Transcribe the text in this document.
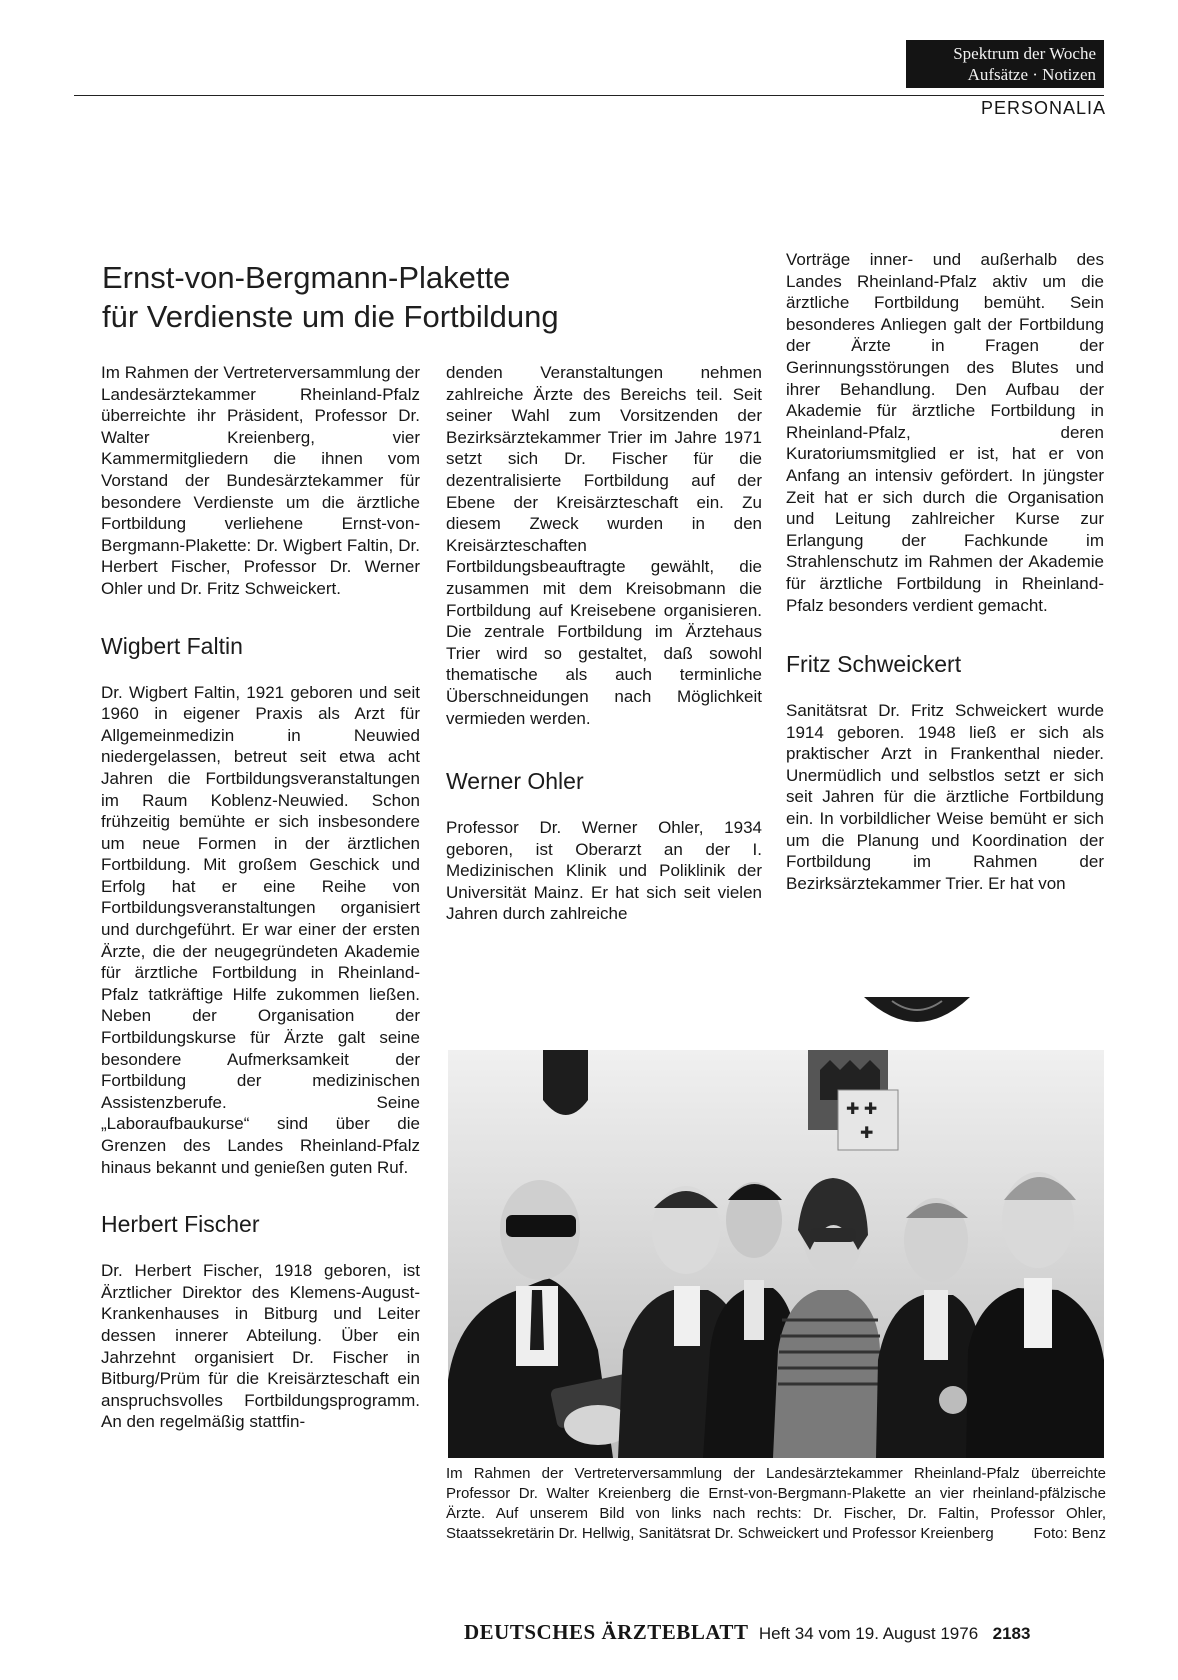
Spektrum der Woche
Aufsätze · Notizen
PERSONALIA
Ernst-von-Bergmann-Plakette
für Verdienste um die Fortbildung

Im Rahmen der Vertreterversammlung der Landesärztekammer Rheinland-Pfalz überreichte ihr Präsident, Professor Dr. Walter Kreienberg, vier Kammermitgliedern die ihnen vom Vorstand der Bundesärztekammer für besondere Verdienste um die ärztliche Fortbildung verliehene Ernst-von-Bergmann-Plakette: Dr. Wigbert Faltin, Dr. Herbert Fischer, Professor Dr. Werner Ohler und Dr. Fritz Schweickert.

Wigbert Faltin

Dr. Wigbert Faltin, 1921 geboren und seit 1960 in eigener Praxis als Arzt für Allgemeinmedizin in Neuwied niedergelassen, betreut seit etwa acht Jahren die Fortbildungsveranstaltungen im Raum Koblenz-Neuwied. Schon frühzeitig bemühte er sich insbesondere um neue Formen in der ärztlichen Fortbildung. Mit großem Geschick und Erfolg hat er eine Reihe von Fortbildungsveranstaltungen organisiert und durchgeführt. Er war einer der ersten Ärzte, die der neugegründeten Akademie für ärztliche Fortbildung in Rheinland-Pfalz tatkräftige Hilfe zukommen ließen. Neben der Organisation der Fortbildungskurse für Ärzte galt seine besondere Aufmerksamkeit der Fortbildung der medizinischen Assistenzberufe. Seine „Laboraufbaukurse“ sind über die Grenzen des Landes Rheinland-Pfalz hinaus bekannt und genießen guten Ruf.

Herbert Fischer

Dr. Herbert Fischer, 1918 geboren, ist Ärztlicher Direktor des Klemens-August-Krankenhauses in Bitburg und Leiter dessen innerer Abteilung. Über ein Jahrzehnt organisiert Dr. Fischer in Bitburg/Prüm für die Kreisärzteschaft ein anspruchsvolles Fortbildungsprogramm. An den regelmäßig stattfin-

denden Veranstaltungen nehmen zahlreiche Ärzte des Bereichs teil. Seit seiner Wahl zum Vorsitzenden der Bezirksärztekammer Trier im Jahre 1971 setzt sich Dr. Fischer für die dezentralisierte Fortbildung auf der Ebene der Kreisärzteschaft ein. Zu diesem Zweck wurden in den Kreisärzteschaften Fortbildungsbeauftragte gewählt, die zusammen mit dem Kreisobmann die Fortbildung auf Kreisebene organisieren. Die zentrale Fortbildung im Ärztehaus Trier wird so gestaltet, daß sowohl thematische als auch terminliche Überschneidungen nach Möglichkeit vermieden werden.

Werner Ohler

Professor Dr. Werner Ohler, 1934 geboren, ist Oberarzt an der I. Medizinischen Klinik und Poliklinik der Universität Mainz. Er hat sich seit vielen Jahren durch zahlreiche

Vorträge inner- und außerhalb des Landes Rheinland-Pfalz aktiv um die ärztliche Fortbildung bemüht. Sein besonderes Anliegen galt der Fortbildung der Ärzte in Fragen der Gerinnungsstörungen des Blutes und ihrer Behandlung. Den Aufbau der Akademie für ärztliche Fortbildung in Rheinland-Pfalz, deren Kuratoriumsmitglied er ist, hat er von Anfang an intensiv gefördert. In jüngster Zeit hat er sich durch die Organisation und Leitung zahlreicher Kurse zur Erlangung der Fachkunde im Strahlenschutz im Rahmen der Akademie für ärztliche Fortbildung in Rheinland-Pfalz besonders verdient gemacht.

Fritz Schweickert

Sanitätsrat Dr. Fritz Schweickert wurde 1914 geboren. 1948 ließ er sich als praktischer Arzt in Frankenthal nieder. Unermüdlich und selbstlos setzt er sich seit Jahren für die ärztliche Fortbildung ein. In vorbildlicher Weise bemüht er sich um die Planung und Koordination der Fortbildung im Rahmen der Bezirksärztekammer Trier. Er hat von

✚ ✚
✚
Im Rahmen der Vertreterversammlung der Landesärztekammer Rheinland-Pfalz überreichte Professor Dr. Walter Kreienberg die Ernst-von-Bergmann-Plakette an vier rheinland-pfälzische Ärzte. Auf unserem Bild von links nach rechts: Dr. Fischer, Dr. Faltin, Professor Ohler, Staatssekretärin Dr. Hellwig, Sanitätsrat Dr. Schweickert und Professor Kreienberg	Foto: Benz
DEUTSCHES ÄRZTEBLATT Heft 34 vom 19. August 1976 2183
